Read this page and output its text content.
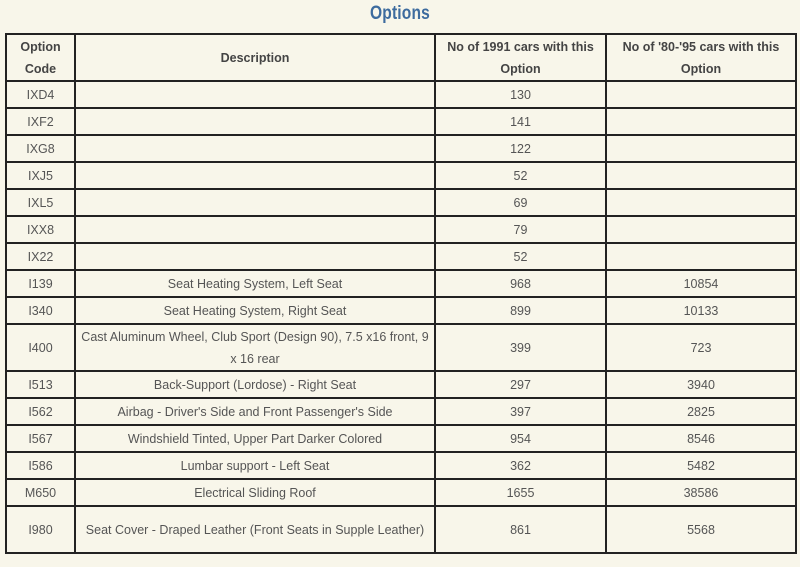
Options
Option Code	Description	No of 1991 cars with this Option	No of '80-'95 cars with this Option
IXD4		130	
IXF2		141	
IXG8		122	
IXJ5		52	
IXL5		69	
IXX8		79	
IX22		52	
I139	Seat Heating System, Left Seat	968	10854
I340	Seat Heating System, Right Seat	899	10133
I400	Cast Aluminum Wheel, Club Sport (Design 90), 7.5 x16 front, 9 x 16 rear	399	723
I513	Back-Support (Lordose) - Right Seat	297	3940
I562	Airbag - Driver's Side and Front Passenger's Side	397	2825
I567	Windshield Tinted, Upper Part Darker Colored	954	8546
I586	Lumbar support - Left Seat	362	5482
M650	Electrical Sliding Roof	1655	38586
I980	Seat Cover - Draped Leather (Front Seats in Supple Leather)	861	5568
